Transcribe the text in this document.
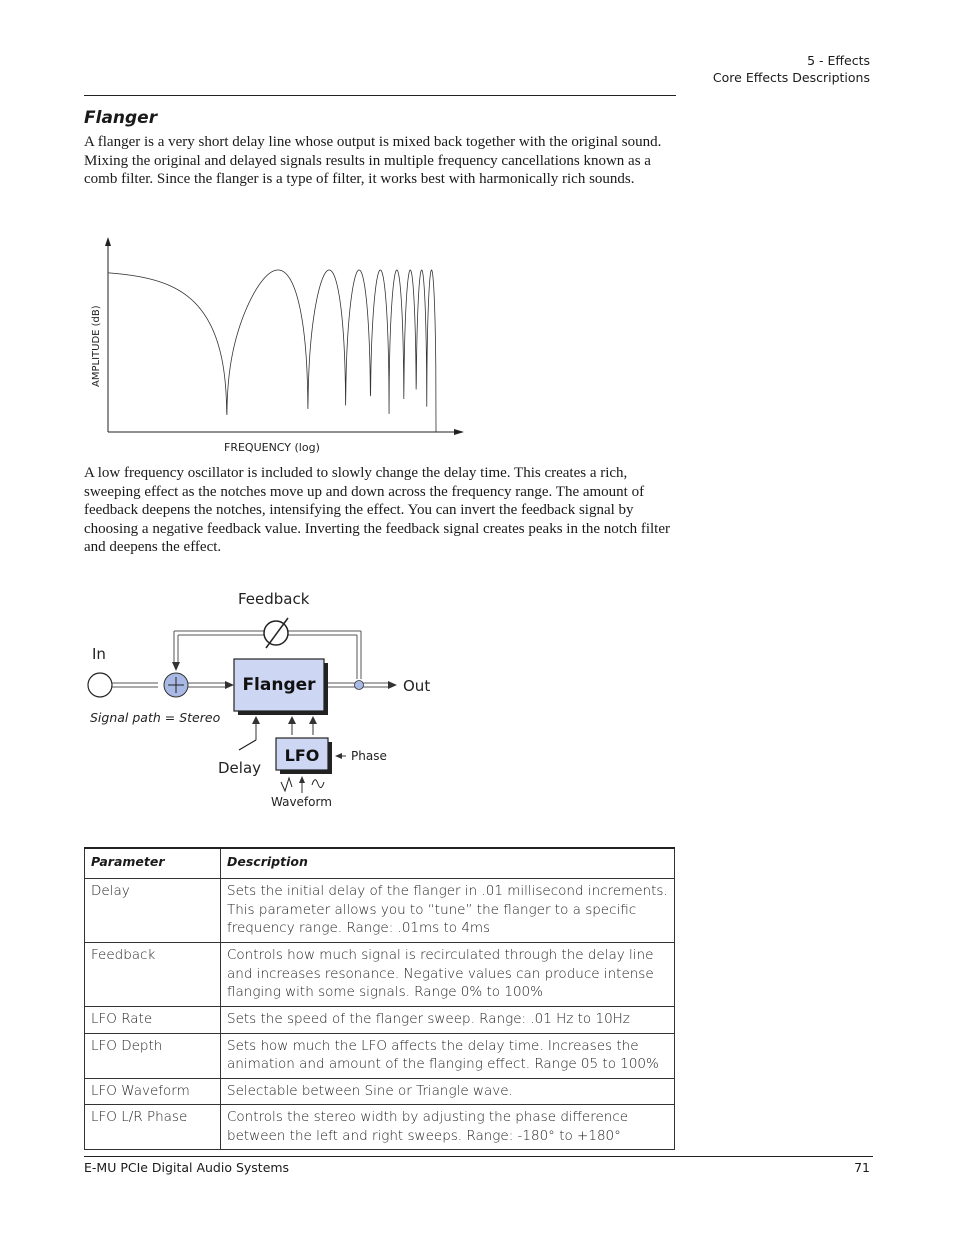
5 - Effects
Core Effects Descriptions
Flanger
A flanger is a very short delay line whose output is mixed back together with the original sound. Mixing the original and delayed signals results in multiple frequency cancellations known as a comb filter. Since the flanger is a type of filter, it works best with harmonically rich sounds.
AMPLITUDE (dB)
FREQUENCY (log)
A low frequency oscillator is included to slowly change the delay time. This creates a rich, sweeping effect as the notches move up and down across the frequency range. The amount of feedback deepens the notches, intensifying the effect. You can invert the feedback signal by choosing a negative feedback value. Inverting the feedback signal creates peaks in the notch filter and deepens the effect.
Feedback
In
Out
Flanger
LFO	Phase
Delay
Waveform
Signal path = Stereo
Parameter	Description
Delay	Sets the initial delay of the flanger in .01 millisecond increments. This parameter allows you to “tune” the flanger to a specific frequency range. Range: .01ms to 4ms
Feedback	Controls how much signal is recirculated through the delay line and increases resonance. Negative values can produce intense flanging with some signals. Range 0% to 100%
LFO Rate	Sets the speed of the flanger sweep. Range: .01 Hz to 10Hz
LFO Depth	Sets how much the LFO affects the delay time. Increases the animation and amount of the flanging effect. Range 05 to 100%
LFO Waveform	Selectable between Sine or Triangle wave.
LFO L/R Phase	Controls the stereo width by adjusting the phase difference between the left and right sweeps. Range: -180° to +180°
E-MU PCIe Digital Audio Systems	71
